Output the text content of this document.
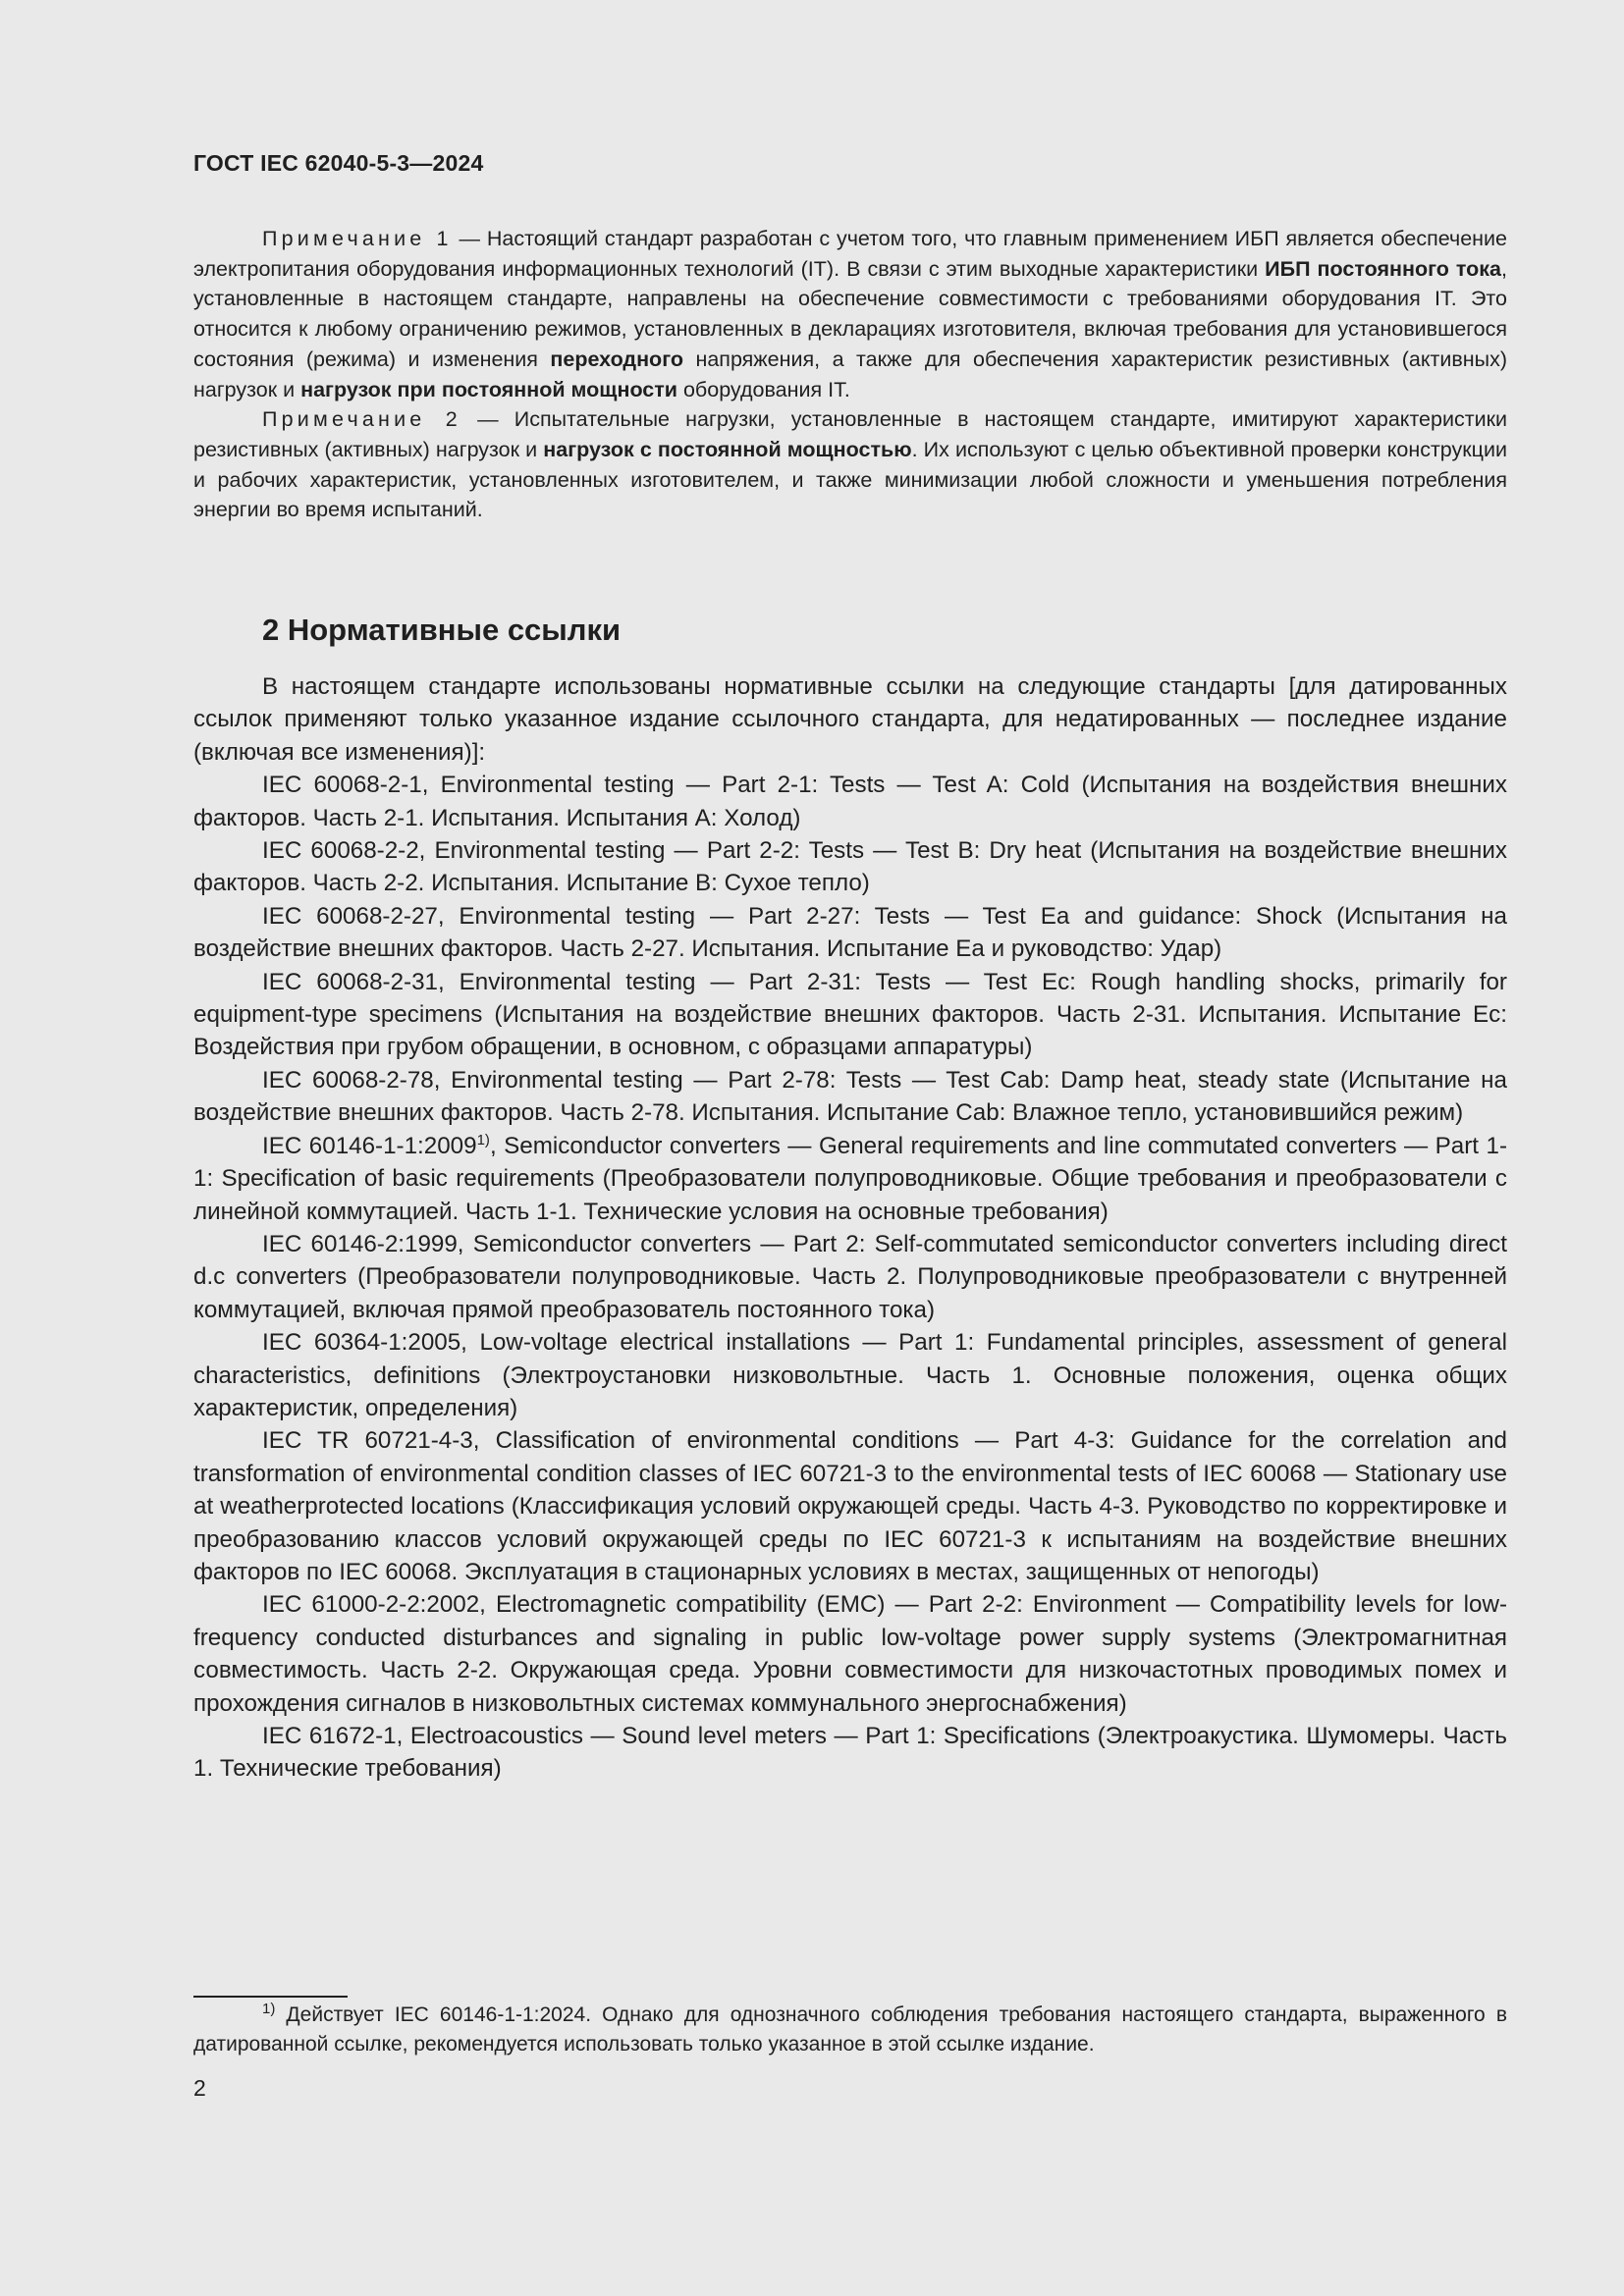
ГОСТ IEC 62040-5-3—2024

Примечание 1 — Настоящий стандарт разработан с учетом того, что главным применением ИБП является обеспечение электропитания оборудования информационных технологий (IT). В связи с этим выходные характеристики ИБП постоянного тока, установленные в настоящем стандарте, направлены на обеспечение совместимости с требованиями оборудования IT. Это относится к любому ограничению режимов, установленных в декларациях изготовителя, включая требования для установившегося состояния (режима) и изменения переходного напряжения, а также для обеспечения характеристик резистивных (активных) нагрузок и нагрузок при постоянной мощности оборудования IT.

Примечание 2 — Испытательные нагрузки, установленные в настоящем стандарте, имитируют характеристики резистивных (активных) нагрузок и нагрузок с постоянной мощностью. Их используют с целью объективной проверки конструкции и рабочих характеристик, установленных изготовителем, и также минимизации любой сложности и уменьшения потребления энергии во время испытаний.

2 Нормативные ссылки

В настоящем стандарте использованы нормативные ссылки на следующие стандарты [для датированных ссылок применяют только указанное издание ссылочного стандарта, для недатированных — последнее издание (включая все изменения)]:

IEC 60068-2-1, Environmental testing — Part 2-1: Tests — Test A: Cold (Испытания на воздействия внешних факторов. Часть 2-1. Испытания. Испытания А: Холод)

IEC 60068-2-2, Environmental testing — Part 2-2: Tests — Test B: Dry heat (Испытания на воздействие внешних факторов. Часть 2-2. Испытания. Испытание В: Сухое тепло)

IEC 60068-2-27, Environmental testing — Part 2-27: Tests — Test Ea and guidance: Shock (Испытания на воздействие внешних факторов. Часть 2-27. Испытания. Испытание Еа и руководство: Удар)

IEC 60068-2-31, Environmental testing — Part 2-31: Tests — Test Ec: Rough handling shocks, primarily for equipment-type specimens (Испытания на воздействие внешних факторов. Часть 2-31. Испытания. Испытание Ec: Воздействия при грубом обращении, в основном, с образцами аппаратуры)

IEC 60068-2-78, Environmental testing — Part 2-78: Tests — Test Cab: Damp heat, steady state (Испытание на воздействие внешних факторов. Часть 2-78. Испытания. Испытание Cab: Влажное тепло, установившийся режим)

IEC 60146-1-1:2009$^{1)}$, Semiconductor converters — General requirements and line commutated converters — Part 1-1: Specification of basic requirements (Преобразователи полупроводниковые. Общие требования и преобразователи с линейной коммутацией. Часть 1-1. Технические условия на основные требования)

IEC 60146-2:1999, Semiconductor converters — Part 2: Self-commutated semiconductor converters including direct d.c converters (Преобразователи полупроводниковые. Часть 2. Полупроводниковые преобразователи с внутренней коммутацией, включая прямой преобразователь постоянного тока)

IEC 60364-1:2005, Low-voltage electrical installations — Part 1: Fundamental principles, assessment of general characteristics, definitions (Электроустановки низковольтные. Часть 1. Основные положения, оценка общих характеристик, определения)

IEC TR 60721-4-3, Classification of environmental conditions — Part 4-3: Guidance for the correlation and transformation of environmental condition classes of IEC 60721-3 to the environmental tests of IEC 60068 — Stationary use at weatherprotected locations (Классификация условий окружающей среды. Часть 4-3. Руководство по корректировке и преобразованию классов условий окружающей среды по IEC 60721-3 к испытаниям на воздействие внешних факторов по IEC 60068. Эксплуатация в стационарных условиях в местах, защищенных от непогоды)

IEC 61000-2-2:2002, Electromagnetic compatibility (EMC) — Part 2-2: Environment — Compatibility levels for low-frequency conducted disturbances and signaling in public low-voltage power supply systems (Электромагнитная совместимость. Часть 2-2. Окружающая среда. Уровни совместимости для низкочастотных проводимых помех и прохождения сигналов в низковольтных системах коммунального энергоснабжения)

IEC 61672-1, Electroacoustics — Sound level meters — Part 1: Specifications (Электроакустика. Шумомеры. Часть 1. Технические требования)

$^{1)}$ Действует IEC 60146-1-1:2024. Однако для однозначного соблюдения требования настоящего стандарта, выраженного в датированной ссылке, рекомендуется использовать только указанное в этой ссылке издание.

2
